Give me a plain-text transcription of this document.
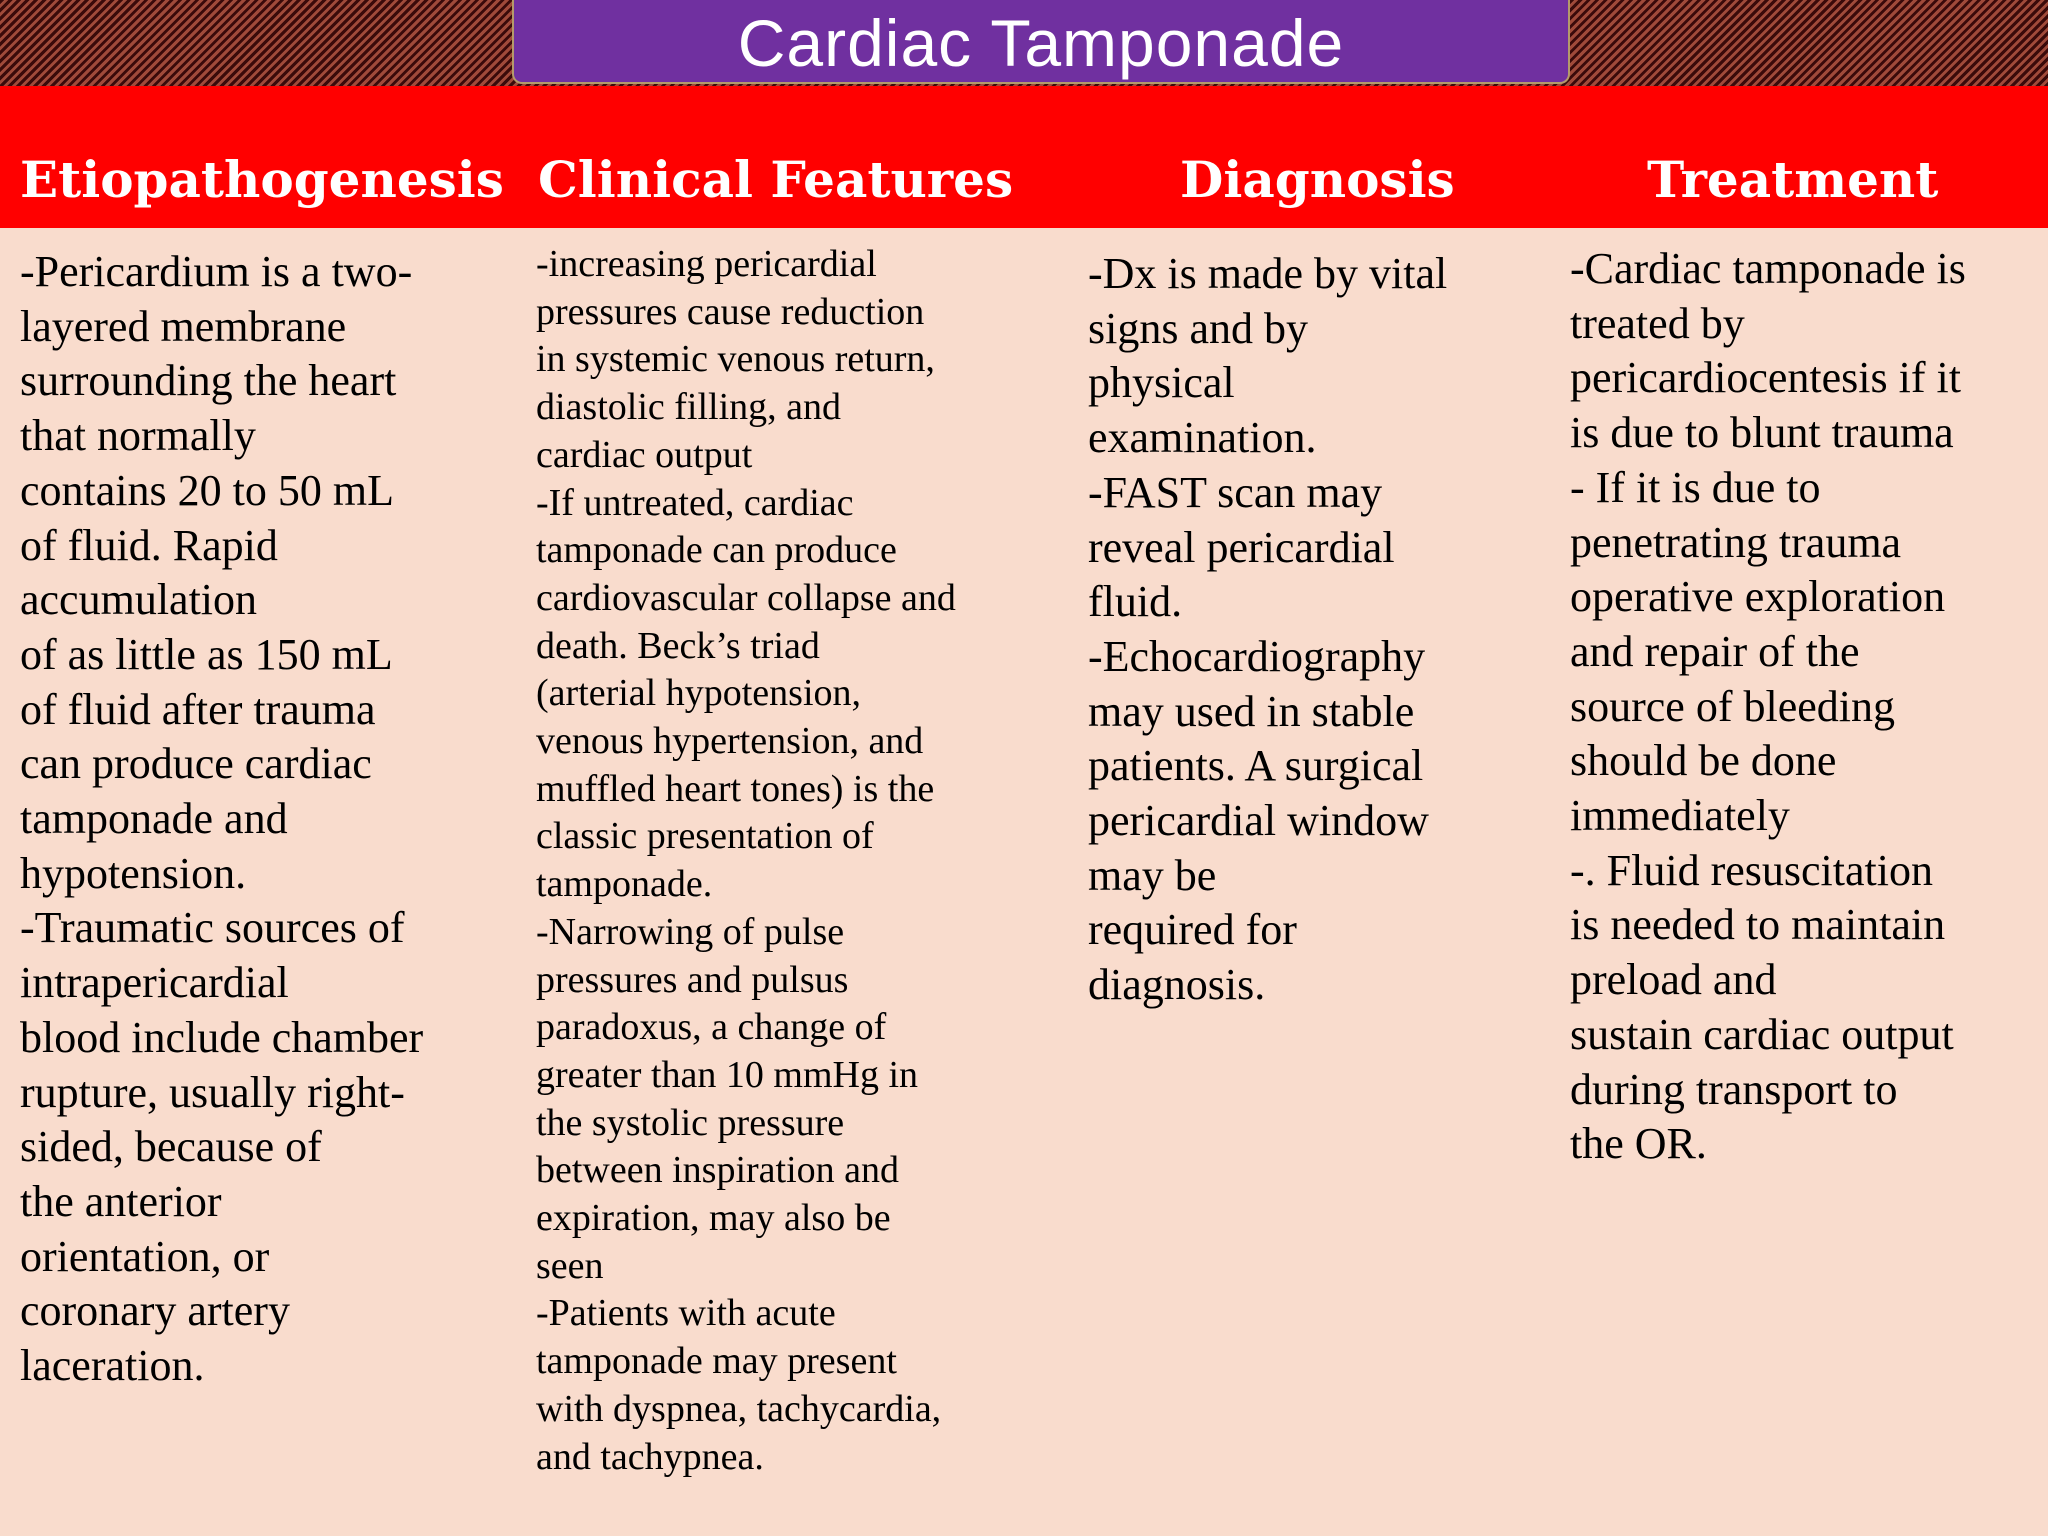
Cardiac Tamponade
Etiopathogenesis Clinical Features	Diagnosis	Treatment
-Pericardium is a two-
layered membrane
surrounding the heart
that normally
contains 20 to 50 mL
of fluid. Rapid
accumulation
of as little as 150 mL
of fluid after trauma
can produce cardiac
tamponade and
hypotension.
-Traumatic sources of
intrapericardial
blood include chamber
rupture, usually right-
sided, because of
the anterior
orientation, or
coronary artery
laceration.
-increasing pericardial
pressures cause reduction
in systemic venous return,
diastolic filling, and
cardiac output
-If untreated, cardiac
tamponade can produce
cardiovascular collapse and
death. Beck’s triad
(arterial hypotension,
venous hypertension, and
muffled heart tones) is the
classic presentation of
tamponade.
-Narrowing of pulse
pressures and pulsus
paradoxus, a change of
greater than 10 mmHg in
the systolic pressure
between inspiration and
expiration, may also be
seen
-Patients with acute
tamponade may present
with dyspnea, tachycardia,
and tachypnea.
-Dx is made by vital
signs and by
physical
examination.
-FAST scan may
reveal pericardial
fluid.
-Echocardiography
may used in stable
patients. A surgical
pericardial window
may be
required for
diagnosis.
-Cardiac tamponade is
treated by
pericardiocentesis if it
is due to blunt trauma
- If it is due to
penetrating trauma
operative exploration
and repair of the
source of bleeding
should be done
immediately
-. Fluid resuscitation
is needed to maintain
preload and
sustain cardiac output
during transport to
the OR.
